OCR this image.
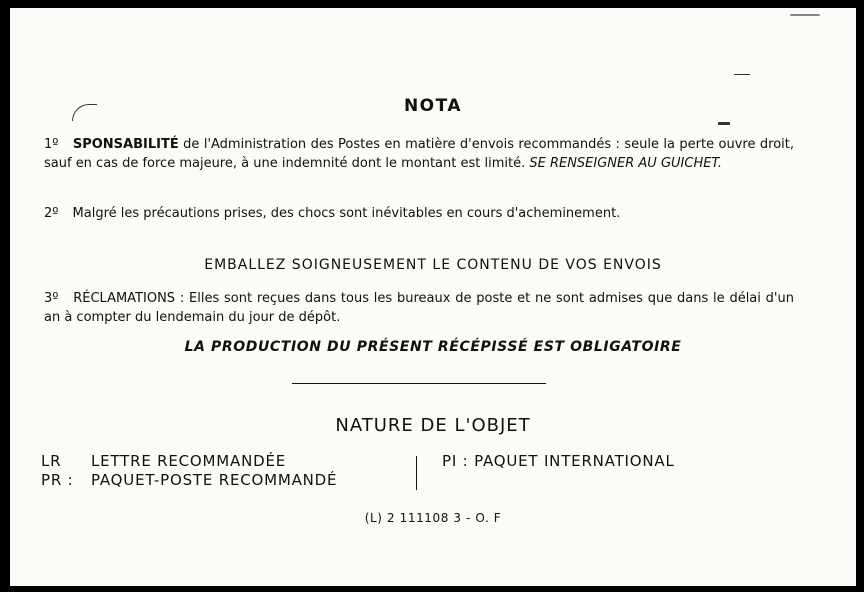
NOTA
1º SPONSABILITÉ de l'Administration des Postes en matière d'envois recommandés : seule la perte ouvre droit, sauf en cas de force majeure, à une indemnité dont le montant est limité. SE RENSEIGNER AU GUICHET.
2º Malgré les précautions prises, des chocs sont inévitables en cours d'acheminement.
EMBALLEZ SOIGNEUSEMENT LE CONTENU DE VOS ENVOIS
3º RÉCLAMATIONS : Elles sont reçues dans tous les bureaux de poste et ne sont admises que dans le délai d'un an à compter du lendemain du jour de dépôt.
LA PRODUCTION DU PRÉSENT RÉCÉPISSÉ EST OBLIGATOIRE
NATURE DE L'OBJET
LR LETTRE RECOMMANDÉE
PR : PAQUET-POSTE RECOMMANDÉ
PI : PAQUET INTERNATIONAL
(L) 2 111108 3 - O. F
